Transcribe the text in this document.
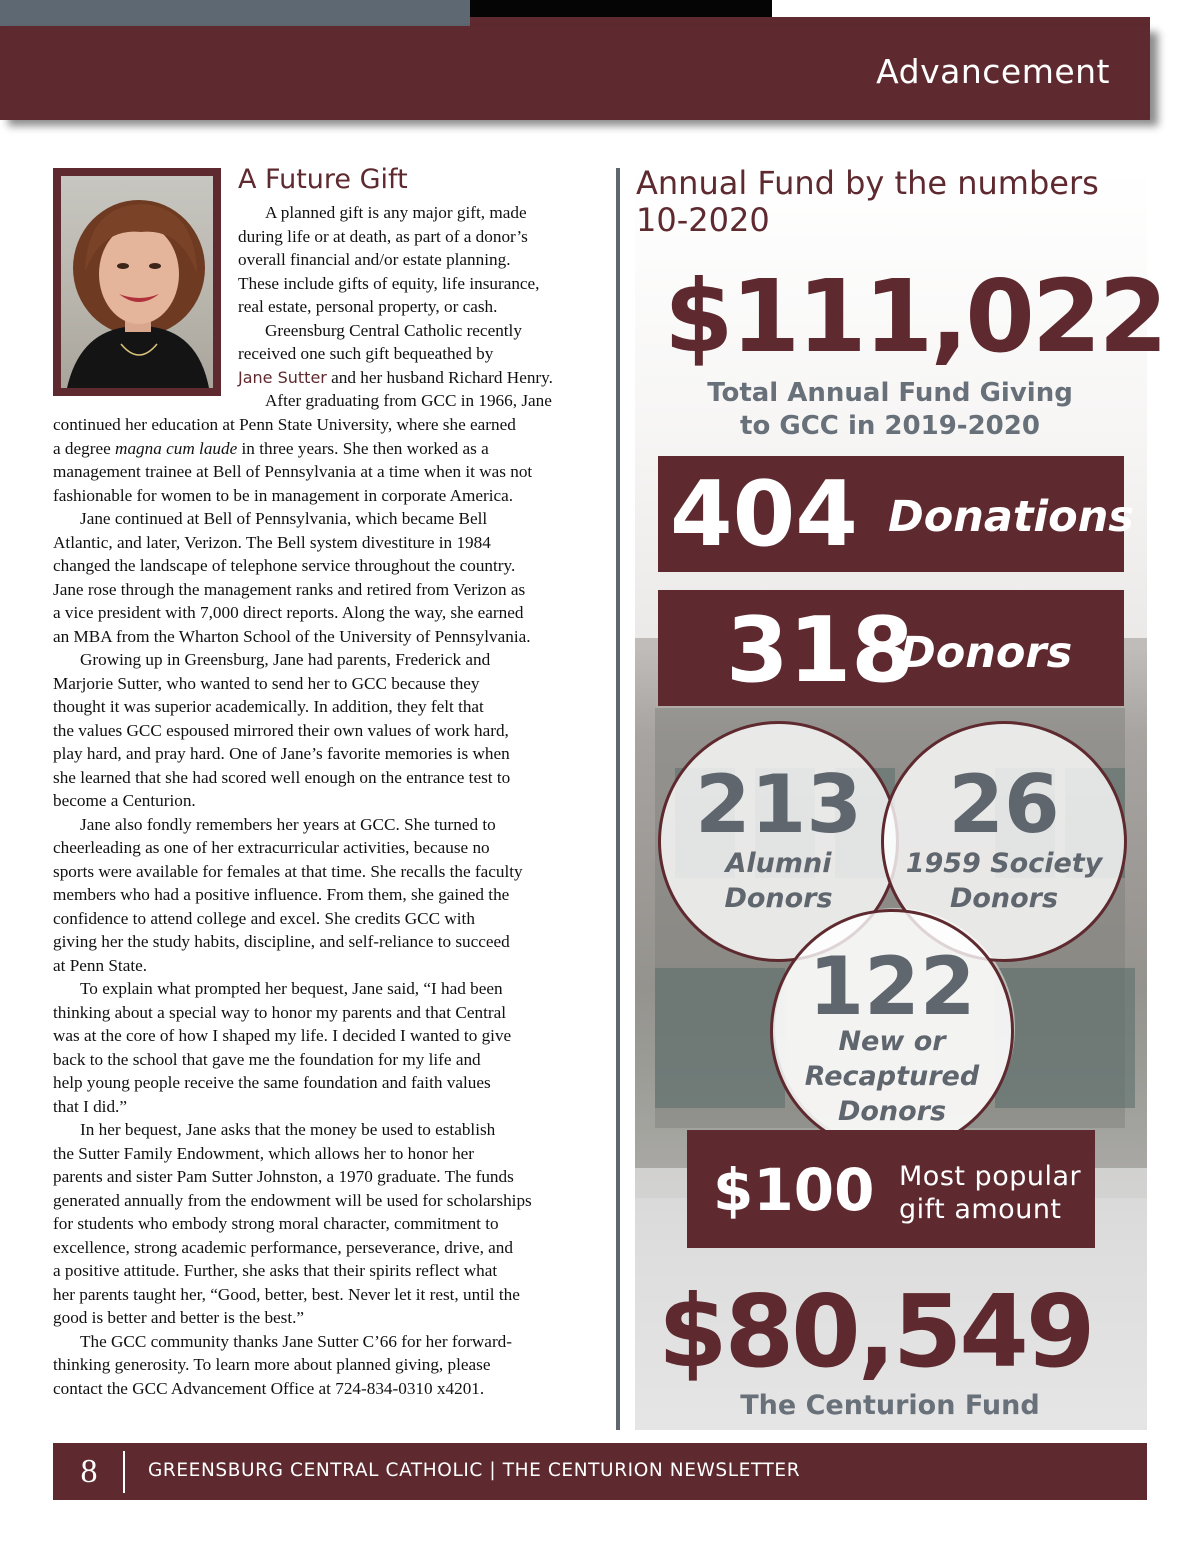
Advancement
A Future Gift
A planned gift is any major gift, made
during life or at death, as part of a donor’s
overall financial and/or estate planning.
These include gifts of equity, life insurance,
real estate, personal property, or cash.
Greensburg Central Catholic recently
received one such gift bequeathed by
Jane Sutter and her husband Richard Henry.
After graduating from GCC in 1966, Jane
continued her education at Penn State University, where she earned
a degree magna cum laude in three years. She then worked as a
management trainee at Bell of Pennsylvania at a time when it was not
fashionable for women to be in management in corporate America.
Jane continued at Bell of Pennsylvania, which became Bell
Atlantic, and later, Verizon. The Bell system divestiture in 1984
changed the landscape of telephone service throughout the country.
Jane rose through the management ranks and retired from Verizon as
a vice president with 7,000 direct reports. Along the way, she earned
an MBA from the Wharton School of the University of Pennsylvania.
Growing up in Greensburg, Jane had parents, Frederick and
Marjorie Sutter, who wanted to send her to GCC because they
thought it was superior academically. In addition, they felt that
the values GCC espoused mirrored their own values of work hard,
play hard, and pray hard. One of Jane’s favorite memories is when
she learned that she had scored well enough on the entrance test to
become a Centurion.
Jane also fondly remembers her years at GCC. She turned to
cheerleading as one of her extracurricular activities, because no
sports were available for females at that time. She recalls the faculty
members who had a positive influence. From them, she gained the
confidence to attend college and excel. She credits GCC with
giving her the study habits, discipline, and self-reliance to succeed
at Penn State.
To explain what prompted her bequest, Jane said, “I had been
thinking about a special way to honor my parents and that Central
was at the core of how I shaped my life. I decided I wanted to give
back to the school that gave me the foundation for my life and
help young people receive the same foundation and faith values
that I did.”
In her bequest, Jane asks that the money be used to establish
the Sutter Family Endowment, which allows her to honor her
parents and sister Pam Sutter Johnston, a 1970 graduate. The funds
generated annually from the endowment will be used for scholarships
for students who embody strong moral character, commitment to
excellence, strong academic performance, perseverance, drive, and
a positive attitude. Further, she asks that their spirits reflect what
her parents taught her, “Good, better, best. Never let it rest, until the
good is better and better is the best.”
The GCC community thanks Jane Sutter C’66 for her forward-
thinking generosity. To learn more about planned giving, please
contact the GCC Advancement Office at 724-834-0310 x4201.
Annual Fund by the numbers
10-2020
$111,022
Total Annual Fund Giving
to GCC in 2019-2020
404 Donations
318
Donors
213
Alumni
Donors
26
1959 Society
Donors
122
New or
Recaptured
Donors
$100 Most popular
gift amount
$80,549
The Centurion Fund
8	GREENSBURG CENTRAL CATHOLIC | THE CENTURION NEWSLETTER
